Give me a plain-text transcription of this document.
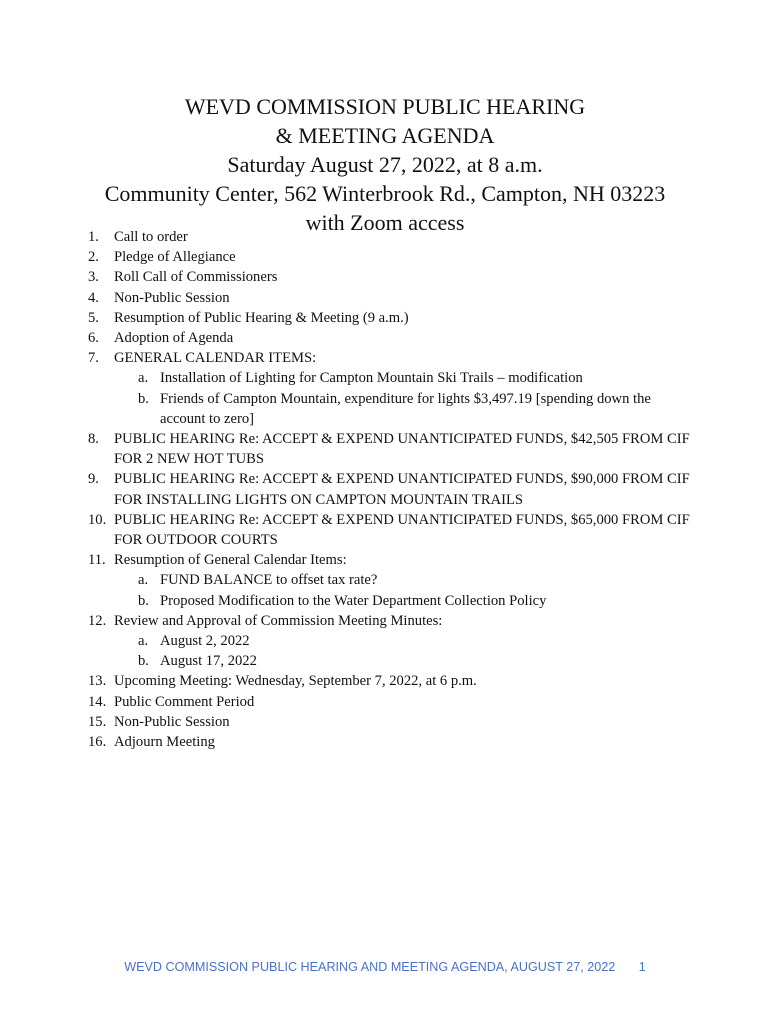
WEVD COMMISSION PUBLIC HEARING
& MEETING AGENDA
Saturday August 27, 2022, at 8 a.m.
Community Center, 562 Winterbrook Rd., Campton, NH 03223
with Zoom access
1.	Call to order
2.	Pledge of Allegiance
3.	Roll Call of Commissioners
4.	Non-Public Session
5.	Resumption of Public Hearing & Meeting (9 a.m.)
6.	Adoption of Agenda
7.	GENERAL CALENDAR ITEMS:
a. Installation of Lighting for Campton Mountain Ski Trails – modification
b. Friends of Campton Mountain, expenditure for lights $3,497.19 [spending down the account to zero]
8.	PUBLIC HEARING Re: ACCEPT & EXPEND UNANTICIPATED FUNDS, $42,505 FROM CIF FOR 2 NEW HOT TUBS
9.	PUBLIC HEARING Re: ACCEPT & EXPEND UNANTICIPATED FUNDS, $90,000 FROM CIF FOR INSTALLING LIGHTS ON CAMPTON MOUNTAIN TRAILS
10. PUBLIC HEARING Re: ACCEPT & EXPEND UNANTICIPATED FUNDS, $65,000 FROM CIF FOR OUTDOOR COURTS
11. Resumption of General Calendar Items:
a. FUND BALANCE to offset tax rate?
b. Proposed Modification to the Water Department Collection Policy
12. Review and Approval of Commission Meeting Minutes:
a. August 2, 2022
b. August 17, 2022
13. Upcoming Meeting: Wednesday, September 7, 2022, at 6 p.m.
14. Public Comment Period
15. Non-Public Session
16. Adjourn Meeting
WEVD COMMISSION PUBLIC HEARING AND MEETING AGENDA, AUGUST 27, 2022 1
